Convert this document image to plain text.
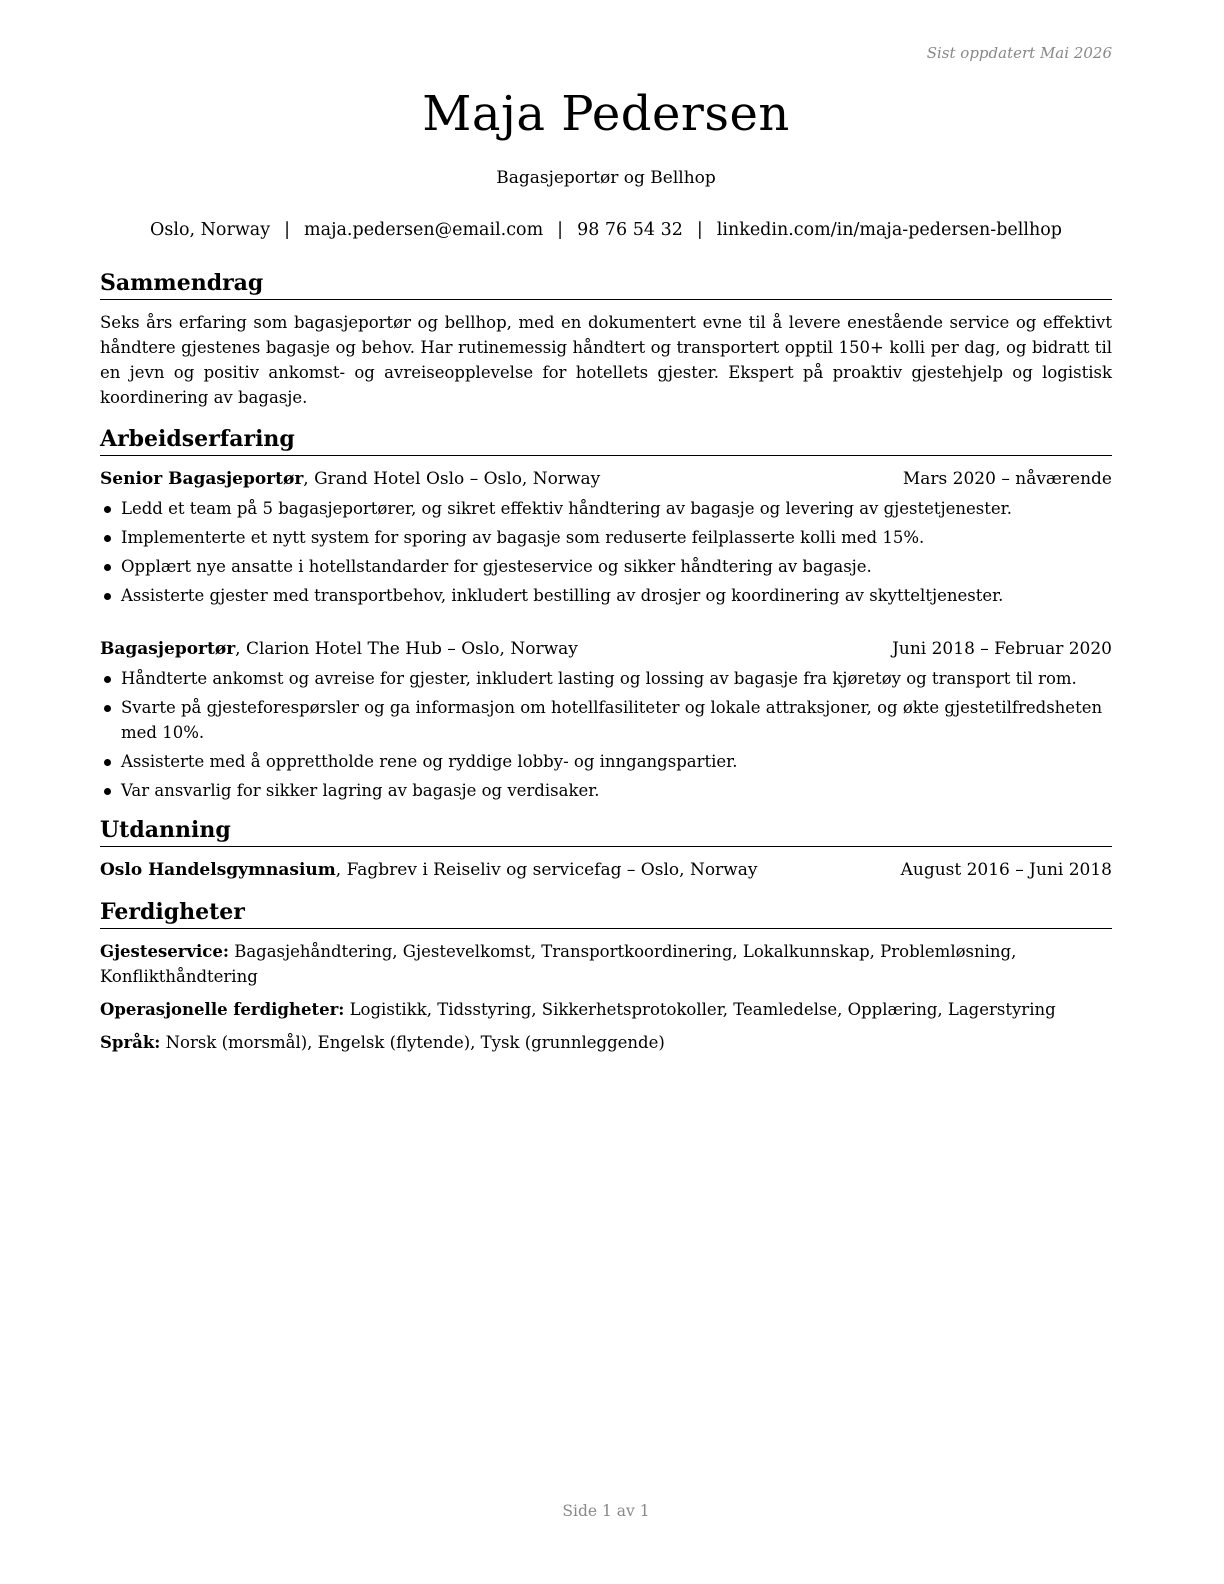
Sist oppdatert Mai 2026
Maja Pedersen
Bagasjeportør og Bellhop
Oslo, Norway | maja.pedersen@email.com | 98 76 54 32 | linkedin.com/in/maja-pedersen-bellhop
Sammendrag
Seks års erfaring som bagasjeportør og bellhop, med en dokumentert evne til å levere enestående service og effektivt håndtere gjestenes bagasje og behov. Har rutinemessig håndtert og transportert opptil 150+ kolli per dag, og bidratt til en jevn og positiv ankomst- og avreiseopplevelse for hotellets gjester. Ekspert på proaktiv gjestehjelp og logistisk koordinering av bagasje.
Arbeidserfaring
Senior Bagasjeportør, Grand Hotel Oslo – Oslo, Norway	Mars 2020 – nåværende
Ledd et team på 5 bagasjeportører, og sikret effektiv håndtering av bagasje og levering av gjestetjenester.
Implementerte et nytt system for sporing av bagasje som reduserte feilplasserte kolli med 15%.
Opplært nye ansatte i hotellstandarder for gjesteservice og sikker håndtering av bagasje.
Assisterte gjester med transportbehov, inkludert bestilling av drosjer og koordinering av skytteltjenester.
Bagasjeportør, Clarion Hotel The Hub – Oslo, Norway	Juni 2018 – Februar 2020
Håndterte ankomst og avreise for gjester, inkludert lasting og lossing av bagasje fra kjøretøy og transport til rom.
Svarte på gjesteforespørsler og ga informasjon om hotellfasiliteter og lokale attraksjoner, og økte gjestetilfredsheten med 10%.
Assisterte med å opprettholde rene og ryddige lobby- og inngangspartier.
Var ansvarlig for sikker lagring av bagasje og verdisaker.
Utdanning
Oslo Handelsgymnasium, Fagbrev i Reiseliv og servicefag – Oslo, Norway	August 2016 – Juni 2018
Ferdigheter
Gjesteservice: Bagasjehåndtering, Gjestevelkomst, Transportkoordinering, Lokalkunnskap, Problemløsning, Konflikthåndtering
Operasjonelle ferdigheter: Logistikk, Tidsstyring, Sikkerhetsprotokoller, Teamledelse, Opplæring, Lagerstyring
Språk: Norsk (morsmål), Engelsk (flytende), Tysk (grunnleggende)
Side 1 av 1
